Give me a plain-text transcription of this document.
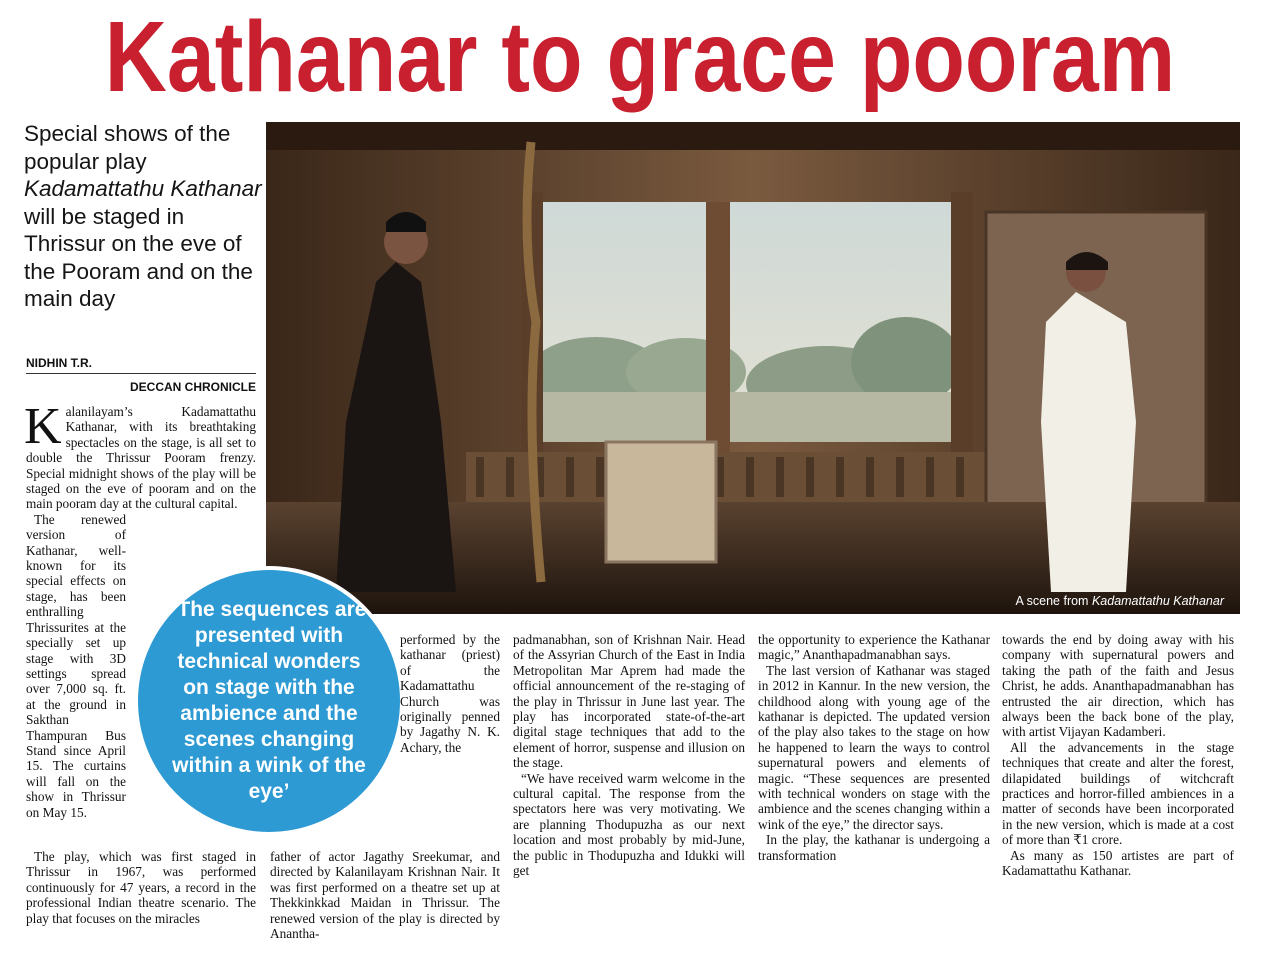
Kathanar to grace pooram

Special shows of the popular play Kadamattathu Kathanar will be staged in Thrissur on the eve of the Pooram and on the main day

NIDHIN T.R.
DECCAN CHRONICLE
A scene from Kadamattathu Kathanar

Kalanilayam’s Kadamattathu Kathanar, with its breathtaking spectacles on the stage, is all set to double the Thrissur Pooram frenzy. Special midnight shows of the play will be staged on the eve of pooram and on the main pooram day at the cultural capital.

The renewed version of Kathanar, well-known for its special effects on stage, has been enthralling Thrissurites at the specially set up stage with 3D settings spread over 7,000 sq. ft. at the ground in Sakthan Thampuran Bus Stand since April 15. The curtains will fall on the show in Thrissur on May 15.

The play, which was first staged in Thrissur in 1967, was performed continuously for 47 years, a record in the professional Indian theatre scenario. The play that focuses on the miracles

‘The sequences are presented with technical wonders on stage with the ambience and the scenes changing within a wink of the eye’

performed by the kathanar (priest) of the Kadamattathu Church was originally penned by Jagathy N. K. Achary, the

father of actor Jagathy Sreekumar, and directed by Kalanilayam Krishnan Nair. It was first performed on a theatre set up at Thekkinkkad Maidan in Thrissur. The renewed version of the play is directed by Anantha-

padmanabhan, son of Krishnan Nair. Head of the Assyrian Church of the East in India Metropolitan Mar Aprem had made the official announcement of the re-staging of the play in Thrissur in June last year. The play has incorporated state-of-the-art digital stage techniques that add to the element of horror, suspense and illusion on the stage.

“We have received warm welcome in the cultural capital. The response from the spectators here was very motivating. We are planning Thodupuzha as our next location and most probably by mid-June, the public in Thodupuzha and Idukki will get

the opportunity to experience the Kathanar magic,” Ananthapadmanabhan says.

The last version of Kathanar was staged in 2012 in Kannur. In the new version, the childhood along with young age of the kathanar is depicted. The updated version of the play also takes to the stage on how he happened to learn the ways to control supernatural powers and elements of magic. “These sequences are presented with technical wonders on stage with the ambience and the scenes changing within a wink of the eye,” the director says.

In the play, the kathanar is undergoing a transformation

towards the end by doing away with his company with supernatural powers and taking the path of the faith and Jesus Christ, he adds. Ananthapadmanabhan has entrusted the air direction, which has always been the back bone of the play, with artist Vijayan Kadamberi.

All the advancements in the stage techniques that create and alter the forest, dilapidated buildings of witchcraft practices and horror-filled ambiences in a matter of seconds have been incorporated in the new version, which is made at a cost of more than ₹1 crore.

As many as 150 artistes are part of Kadamattathu Kathanar.
